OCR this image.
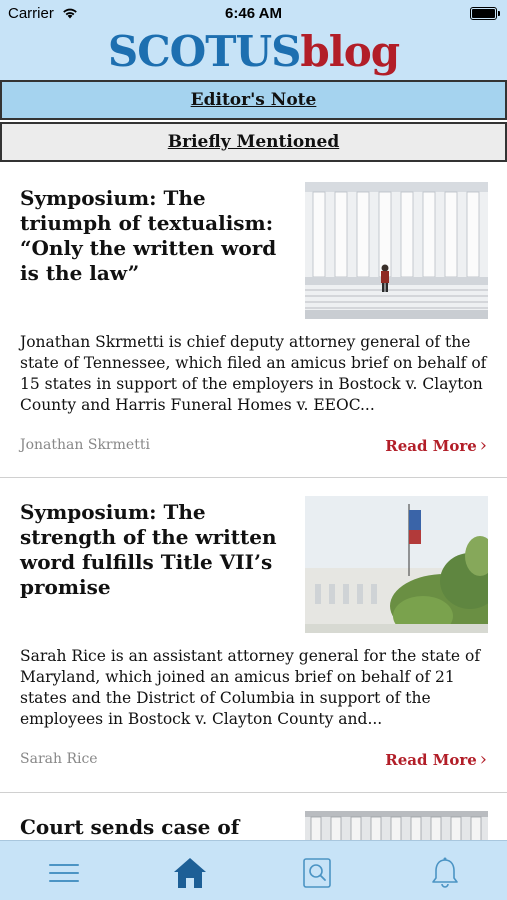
Carrier	6:46 AM
SCOTUSblog
Editor's Note
Briefly Mentioned
Symposium: The triumph of textualism: “Only the written word is the law”
Jonathan Skrmetti is chief deputy attorney general of the state of Tennessee, which filed an amicus brief on behalf of 15 states in support of the employers in Bostock v. Clayton County and Harris Funeral Homes v. EEOC...
Jonathan Skrmetti	Read More ›
Symposium: The strength of the written word fulfills Title VII’s promise
Sarah Rice is an assistant attorney general for the state of Maryland, which joined an amicus brief on behalf of 21 states and the District of Columbia in support of the employees in Bostock v. Clayton County and...
Sarah Rice	Read More ›
Court sends case of
